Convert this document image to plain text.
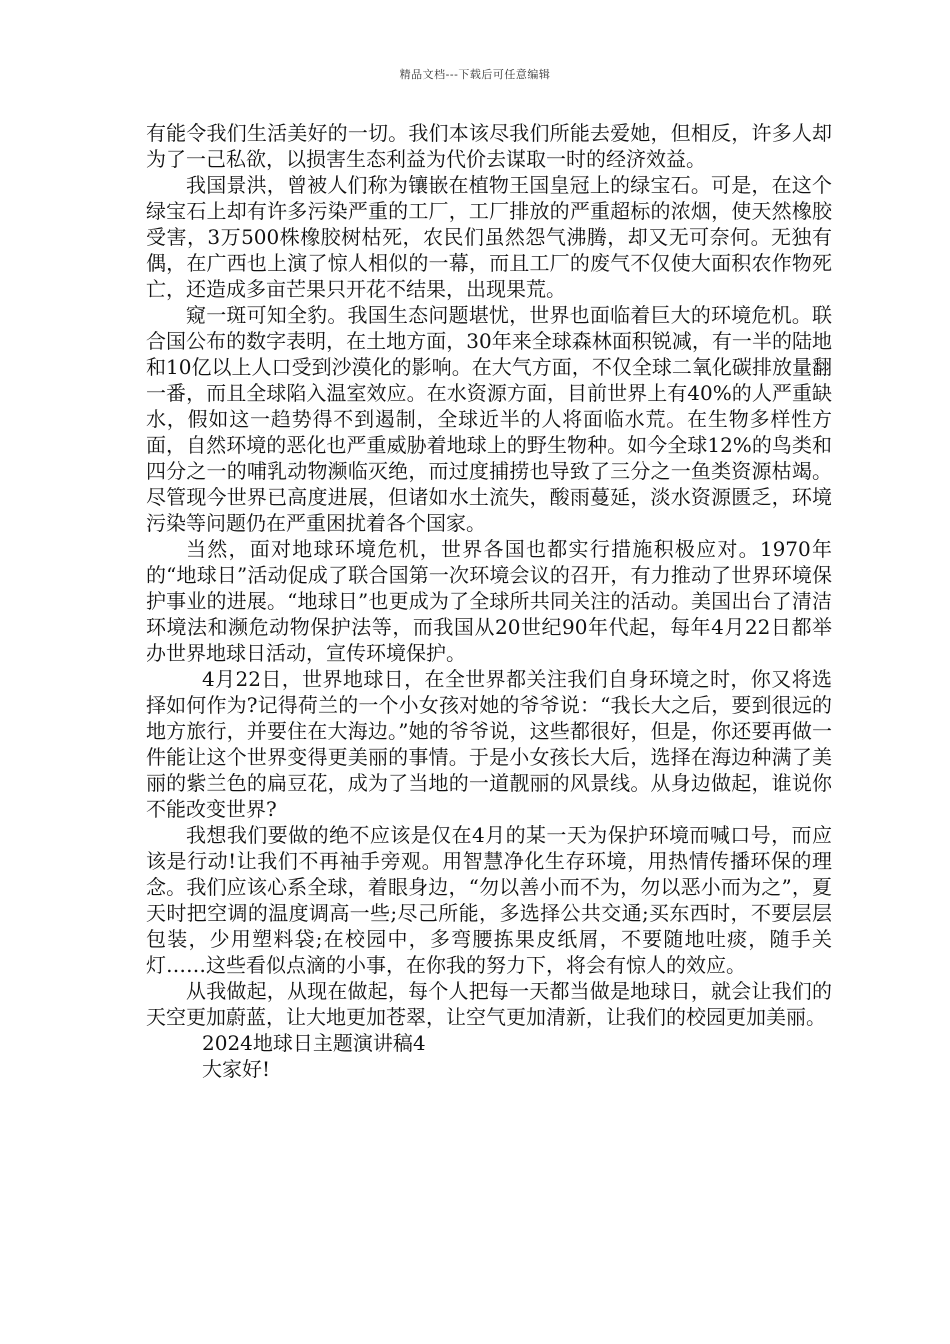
精品文档---下载后可任意编辑

有能令我们生活美好的一切。我们本该尽我们所能去爱她，但相反，许多人却为了一己私欲，以损害生态利益为代价去谋取一时的经济效益。

我国景洪，曾被人们称为镶嵌在植物王国皇冠上的绿宝石。可是，在这个绿宝石上却有许多污染严重的工厂，工厂排放的严重超标的浓烟，使天然橡胶受害，3万500株橡胶树枯死，农民们虽然怨气沸腾，却又无可奈何。无独有偶，在广西也上演了惊人相似的一幕，而且工厂的废气不仅使大面积农作物死亡，还造成多亩芒果只开花不结果，出现果荒。

窥一斑可知全豹。我国生态问题堪忧，世界也面临着巨大的环境危机。联合国公布的数字表明，在土地方面，30年来全球森林面积锐减，有一半的陆地和10亿以上人口受到沙漠化的影响。在大气方面，不仅全球二氧化碳排放量翻一番，而且全球陷入温室效应。在水资源方面，目前世界上有40%的人严重缺水，假如这一趋势得不到遏制，全球近半的人将面临水荒。在生物多样性方面，自然环境的恶化也严重威胁着地球上的野生物种。如今全球12%的鸟类和四分之一的哺乳动物濒临灭绝，而过度捕捞也导致了三分之一鱼类资源枯竭。尽管现今世界已高度进展，但诸如水土流失，酸雨蔓延，淡水资源匮乏，环境污染等问题仍在严重困扰着各个国家。

当然，面对地球环境危机，世界各国也都实行措施积极应对。1970年的“地球日”活动促成了联合国第一次环境会议的召开，有力推动了世界环境保护事业的进展。“地球日”也更成为了全球所共同关注的活动。美国出台了清洁环境法和濒危动物保护法等，而我国从20世纪90年代起，每年4月22日都举办世界地球日活动，宣传环境保护。

4月22日，世界地球日，在全世界都关注我们自身环境之时，你又将选择如何作为?记得荷兰的一个小女孩对她的爷爷说：“我长大之后，要到很远的地方旅行，并要住在大海边。”她的爷爷说，这些都很好，但是，你还要再做一件能让这个世界变得更美丽的事情。于是小女孩长大后，选择在海边种满了美丽的紫兰色的扁豆花，成为了当地的一道靓丽的风景线。从身边做起，谁说你不能改变世界?

我想我们要做的绝不应该是仅在4月的某一天为保护环境而喊口号，而应该是行动!让我们不再袖手旁观。用智慧净化生存环境，用热情传播环保的理念。我们应该心系全球，着眼身边，“勿以善小而不为，勿以恶小而为之”，夏天时把空调的温度调高一些;尽己所能，多选择公共交通;买东西时，不要层层包装，少用塑料袋;在校园中，多弯腰拣果皮纸屑，不要随地吐痰，随手关灯……这些看似点滴的小事，在你我的努力下，将会有惊人的效应。

从我做起，从现在做起，每个人把每一天都当做是地球日，就会让我们的天空更加蔚蓝，让大地更加苍翠，让空气更加清新，让我们的校园更加美丽。

2024地球日主题演讲稿4

大家好!
